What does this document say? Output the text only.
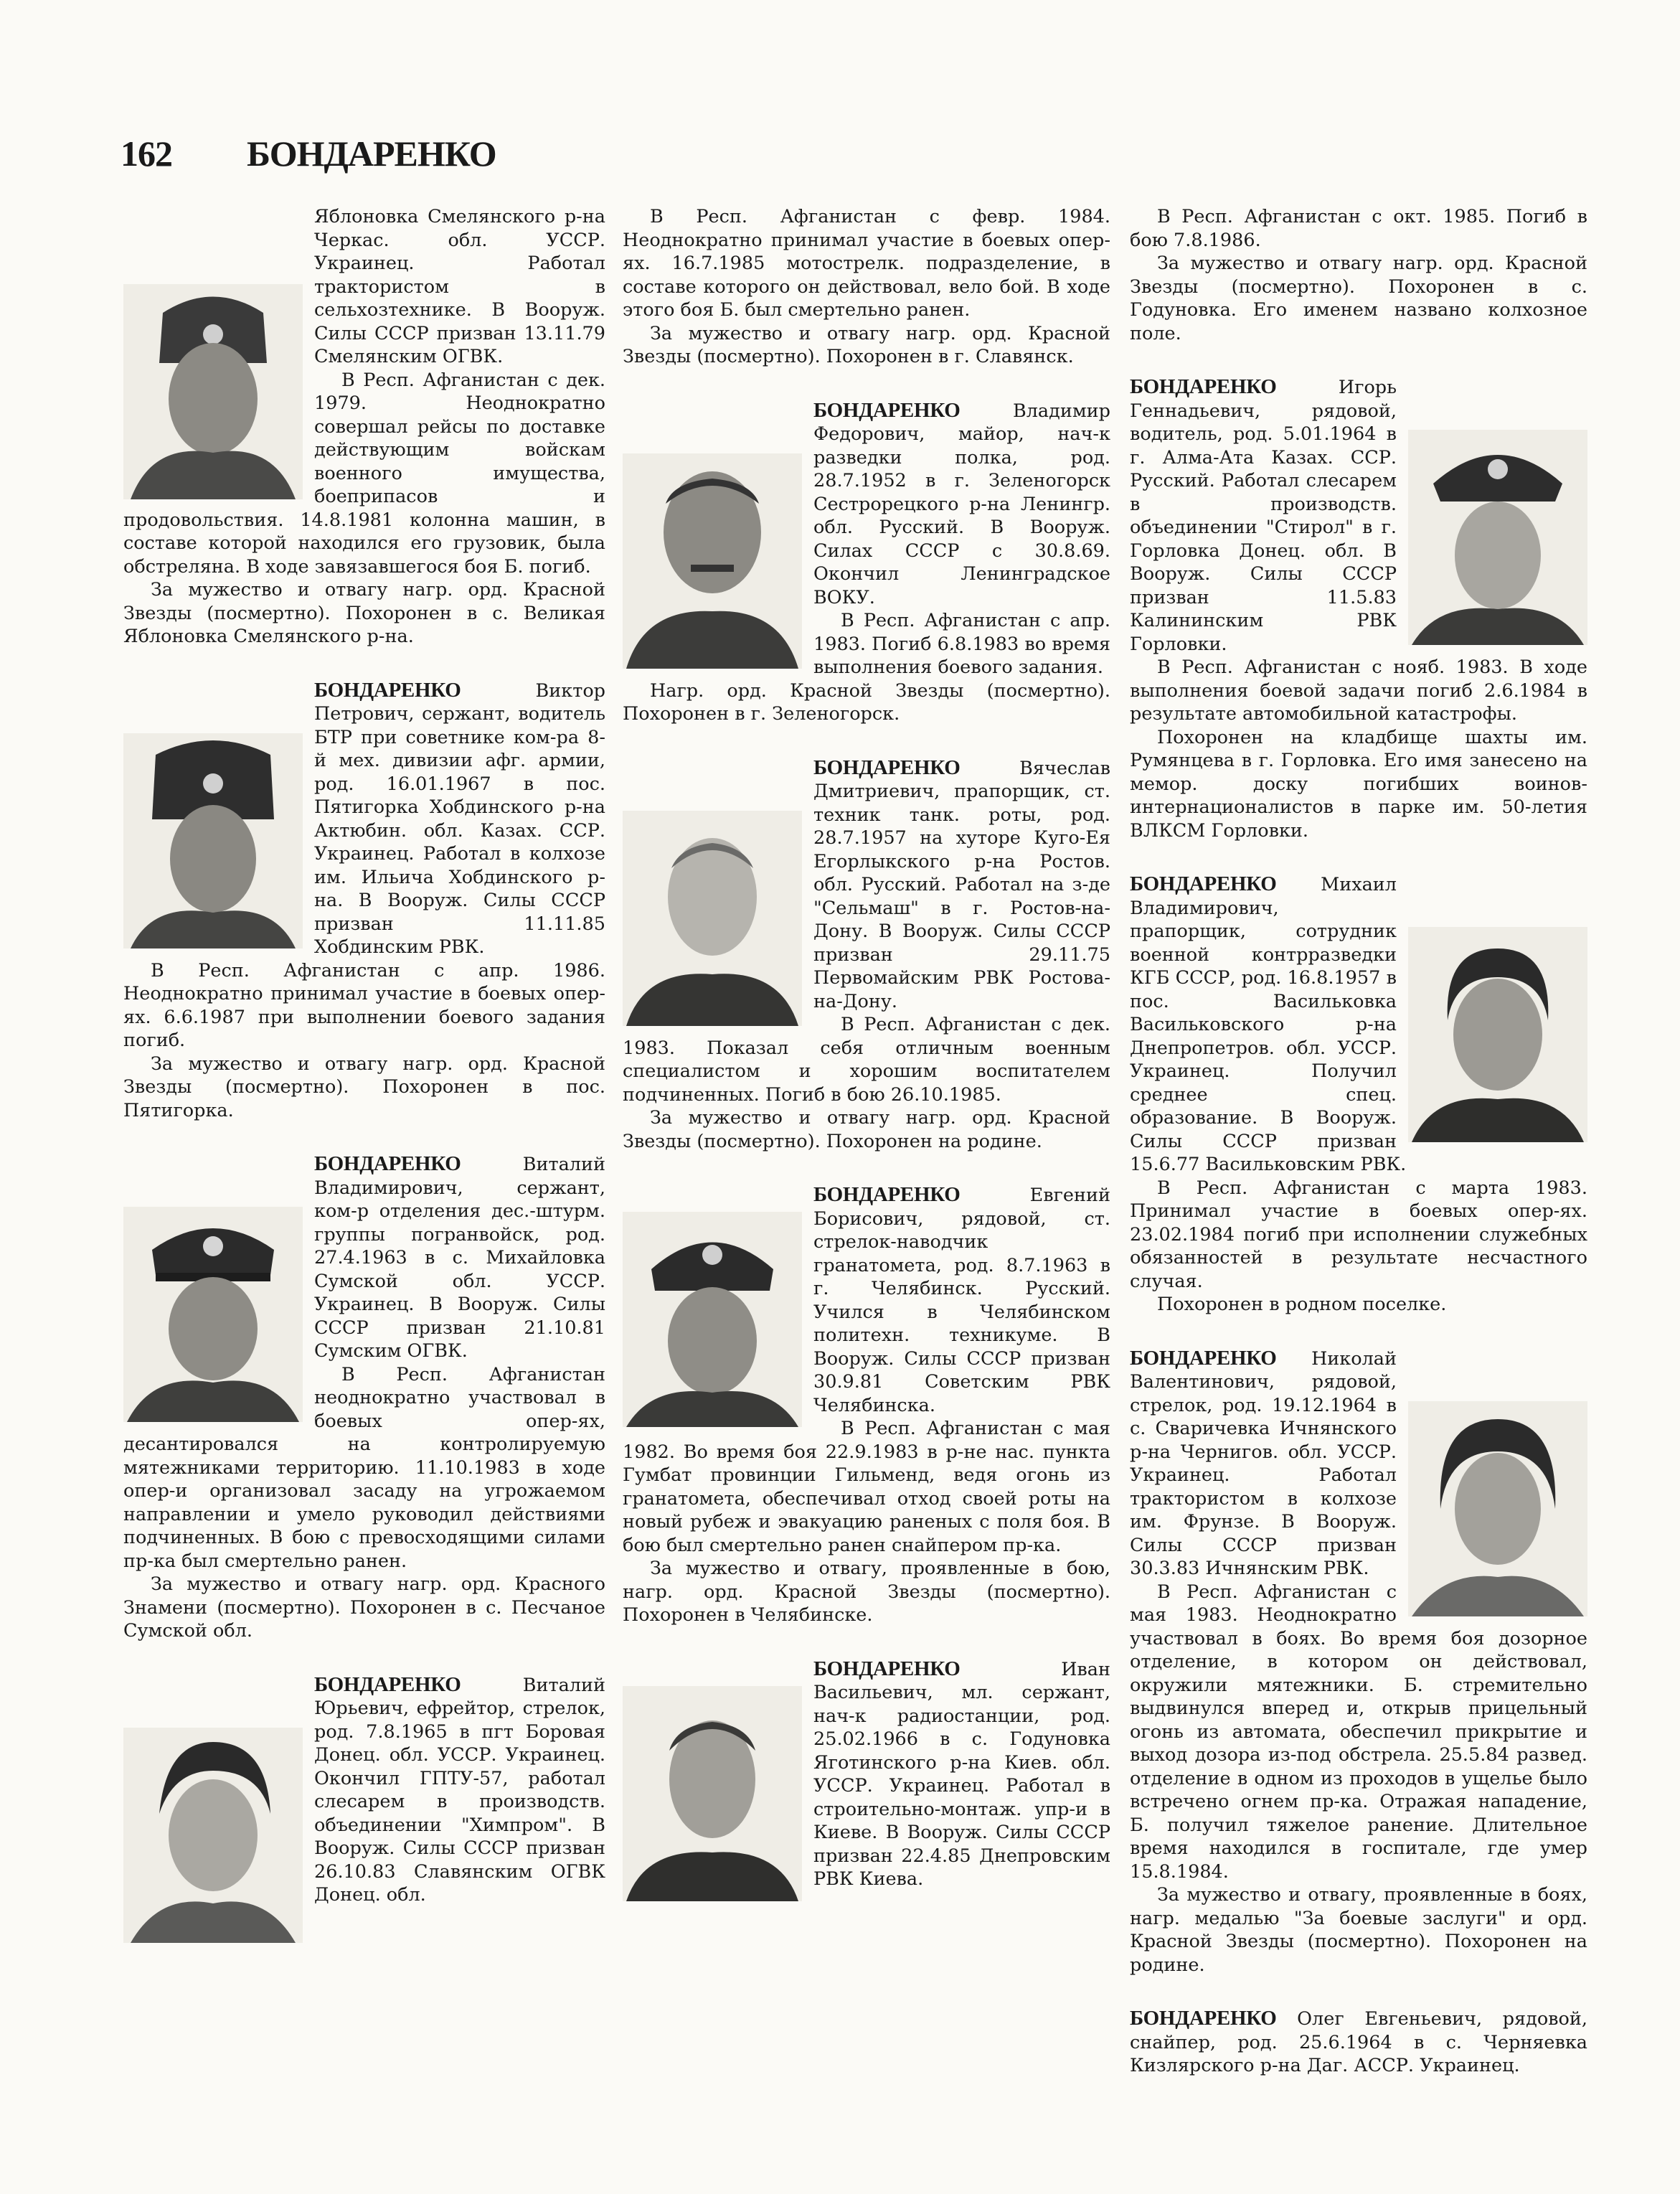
162 БОНДАРЕНКО

Яблоновка Смелянского р-на Черкас. обл. УССР. Украинец. Работал трактористом в сельхозтехнике. В Вооруж. Силы СССР призван 13.11.79 Смелянским ОГВК.

В Респ. Афганистан с дек. 1979. Неоднократно совершал рейсы по доставке действующим войскам военного имущества, боеприпасов и продовольствия. 14.8.1981 колонна машин, в составе которой находился его грузовик, была обстреляна. В ходе завязавшегося боя Б. погиб.

За мужество и отвагу нагр. орд. Красной Звезды (посмертно). Похоронен в с. Великая Яблоновка Смелянского р-на.

БОНДАРЕНКО Виктор Петрович, сержант, водитель БТР при советнике ком-ра 8-й мех. дивизии афг. армии, род. 16.01.1967 в пос. Пятигорка Хобдинского р-на Актюбин. обл. Казах. ССР. Украинец. Работал в колхозе им. Ильича Хобдинского р-на. В Вооруж. Силы СССР призван 11.11.85 Хобдинским РВК.

В Респ. Афганистан с апр. 1986. Неоднократно принимал участие в боевых опер-ях. 6.6.1987 при выполнении боевого задания погиб.

За мужество и отвагу нагр. орд. Красной Звезды (посмертно). Похоронен в пос. Пятигорка.

БОНДАРЕНКО Виталий Владимирович, сержант, ком-р отделения дес.-штурм. группы погранвойск, род. 27.4.1963 в с. Михайловка Сумской обл. УССР. Украинец. В Вооруж. Силы СССР призван 21.10.81 Сумским ОГВК.

В Респ. Афганистан неоднократно участвовал в боевых опер-ях, десантировался на контролируемую мятежниками территорию. 11.10.1983 в ходе опер-и организовал засаду на угрожаемом направлении и умело руководил действиями подчиненных. В бою с превосходящими силами пр-ка был смертельно ранен.

За мужество и отвагу нагр. орд. Красного Знамени (посмертно). Похоронен в с. Песчаное Сумской обл.

БОНДАРЕНКО Виталий Юрьевич, ефрейтор, стрелок, род. 7.8.1965 в пгт Боровая Донец. обл. УССР. Украинец. Окончил ГПТУ-57, работал слесарем в производств. объединении "Химпром". В Вооруж. Силы СССР призван 26.10.83 Славянским ОГВК Донец. обл.

В Респ. Афганистан с февр. 1984. Неоднократно принимал участие в боевых опер-ях. 16.7.1985 мотострелк. подразделение, в составе которого он действовал, вело бой. В ходе этого боя Б. был смертельно ранен.

За мужество и отвагу нагр. орд. Красной Звезды (посмертно). Похоронен в г. Славянск.

БОНДАРЕНКО Владимир Федорович, майор, нач-к разведки полка, род. 28.7.1952 в г. Зеленогорск Сестрорецкого р-на Ленингр. обл. Русский. В Вооруж. Силах СССР с 30.8.69. Окончил Ленинградское ВОКУ.

В Респ. Афганистан с апр. 1983. Погиб 6.8.1983 во время выполнения боевого задания.

Нагр. орд. Красной Звезды (посмертно). Похоронен в г. Зеленогорск.

БОНДАРЕНКО Вячеслав Дмитриевич, прапорщик, ст. техник танк. роты, род. 28.7.1957 на хуторе Куго-Ея Егорлыкского р-на Ростов. обл. Русский. Работал на з-де "Сельмаш" в г. Ростов-на-Дону. В Вооруж. Силы СССР призван 29.11.75 Первомайским РВК Ростова-на-Дону.

В Респ. Афганистан с дек. 1983. Показал себя отличным военным специалистом и хорошим воспитателем подчиненных. Погиб в бою 26.10.1985.

За мужество и отвагу нагр. орд. Красной Звезды (посмертно). Похоронен на родине.

БОНДАРЕНКО Евгений Борисович, рядовой, ст. стрелок-наводчик гранатомета, род. 8.7.1963 в г. Челябинск. Русский. Учился в Челябинском политехн. техникуме. В Вооруж. Силы СССР призван 30.9.81 Советским РВК Челябинска.

В Респ. Афганистан с мая 1982. Во время боя 22.9.1983 в р-не нас. пункта Гумбат провинции Гильменд, ведя огонь из гранатомета, обеспечивал отход своей роты на новый рубеж и эвакуацию раненых с поля боя. В бою был смертельно ранен снайпером пр-ка.

За мужество и отвагу, проявленные в бою, нагр. орд. Красной Звезды (посмертно). Похоронен в Челябинске.

БОНДАРЕНКО Иван Васильевич, мл. сержант, нач-к радиостанции, род. 25.02.1966 в с. Годуновка Яготинского р-на Киев. обл. УССР. Украинец. Работал в строительно-монтаж. упр-и в Киеве. В Вооруж. Силы СССР призван 22.4.85 Днепровским РВК Киева.

В Респ. Афганистан с окт. 1985. Погиб в бою 7.8.1986.

За мужество и отвагу нагр. орд. Красной Звезды (посмертно). Похоронен в с. Годуновка. Его именем названо колхозное поле.

БОНДАРЕНКО Игорь Геннадьевич, рядовой, водитель, род. 5.01.1964 в г. Алма-Ата Казах. ССР. Русский. Работал слесарем в производств. объединении "Стирол" в г. Горловка Донец. обл. В Вооруж. Силы СССР призван 11.5.83 Калининским РВК Горловки.

В Респ. Афганистан с нояб. 1983. В ходе выполнения боевой задачи погиб 2.6.1984 в результате автомобильной катастрофы.

Похоронен на кладбище шахты им. Румянцева в г. Горловка. Его имя занесено на мемор. доску погибших воинов-интернационалистов в парке им. 50-летия ВЛКСМ Горловки.

БОНДАРЕНКО Михаил Владимирович, прапорщик, сотрудник военной контрразведки КГБ СССР, род. 16.8.1957 в пос. Васильковка Васильковского р-на Днепропетров. обл. УССР. Украинец. Получил среднее спец. образование. В Вооруж. Силы СССР призван 15.6.77 Васильковским РВК.

В Респ. Афганистан с марта 1983. Принимал участие в боевых опер-ях. 23.02.1984 погиб при исполнении служебных обязанностей в результате несчастного случая.

Похоронен в родном поселке.

БОНДАРЕНКО Николай Валентинович, рядовой, стрелок, род. 19.12.1964 в с. Сваричевка Ичнянского р-на Чернигов. обл. УССР. Украинец. Работал трактористом в колхозе им. Фрунзе. В Вооруж. Силы СССР призван 30.3.83 Ичнянским РВК.

В Респ. Афганистан с мая 1983. Неоднократно участвовал в боях. Во время боя дозорное отделение, в котором он действовал, окружили мятежники. Б. стремительно выдвинулся вперед и, открыв прицельный огонь из автомата, обеспечил прикрытие и выход дозора из-под обстрела. 25.5.84 развед. отделение в одном из проходов в ущелье было встречено огнем пр-ка. Отражая нападение, Б. получил тяжелое ранение. Длительное время находился в госпитале, где умер 15.8.1984.

За мужество и отвагу, проявленные в боях, нагр. медалью "За боевые заслуги" и орд. Красной Звезды (посмертно). Похоронен на родине.

БОНДАРЕНКО Олег Евгеньевич, рядовой, снайпер, род. 25.6.1964 в с. Черняевка Кизлярского р-на Даг. АССР. Украинец.
